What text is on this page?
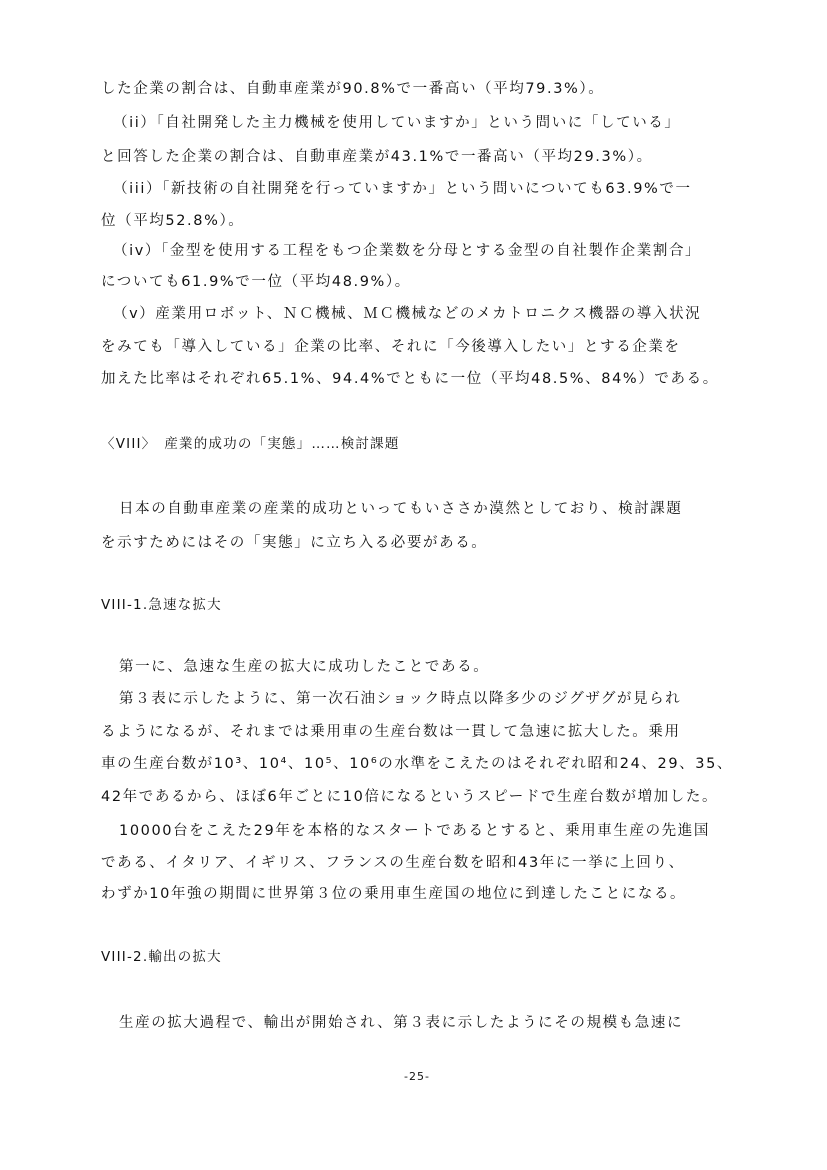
した企業の割合は、自動車産業が90.8%で一番高い（平均79.3%）。
（ii）「自社開発した主力機械を使用していますか」という問いに「している」
と回答した企業の割合は、自動車産業が43.1%で一番高い（平均29.3%）。
（iii）「新技術の自社開発を行っていますか」という問いについても63.9%で一
位（平均52.8%）。
（iv）「金型を使用する工程をもつ企業数を分母とする金型の自社製作企業割合」
についても61.9%で一位（平均48.9%）。
（v）産業用ロボット、ＮＣ機械、ＭＣ機械などのメカトロニクス機器の導入状況
をみても「導入している」企業の比率、それに「今後導入したい」とする企業を
加えた比率はそれぞれ65.1%、94.4%でともに一位（平均48.5%、84%）である。
〈VIII〉　産業的成功の「実態」……検討課題
日本の自動車産業の産業的成功といってもいささか漠然としており、検討課題
を示すためにはその「実態」に立ち入る必要がある。
VIII-1.急速な拡大
第一に、急速な生産の拡大に成功したことである。
第３表に示したように、第一次石油ショック時点以降多少のジグザグが見られ
るようになるが、それまでは乗用車の生産台数は一貫して急速に拡大した。乗用
車の生産台数が10³、10⁴、10⁵、10⁶の水準をこえたのはそれぞれ昭和24、29、35、
42年であるから、ほぼ6年ごとに10倍になるというスピードで生産台数が増加した。
10000台をこえた29年を本格的なスタートであるとすると、乗用車生産の先進国
である、イタリア、イギリス、フランスの生産台数を昭和43年に一挙に上回り、
わずか10年強の期間に世界第３位の乗用車生産国の地位に到達したことになる。
VIII-2.輸出の拡大
生産の拡大過程で、輸出が開始され、第３表に示したようにその規模も急速に
-25-
